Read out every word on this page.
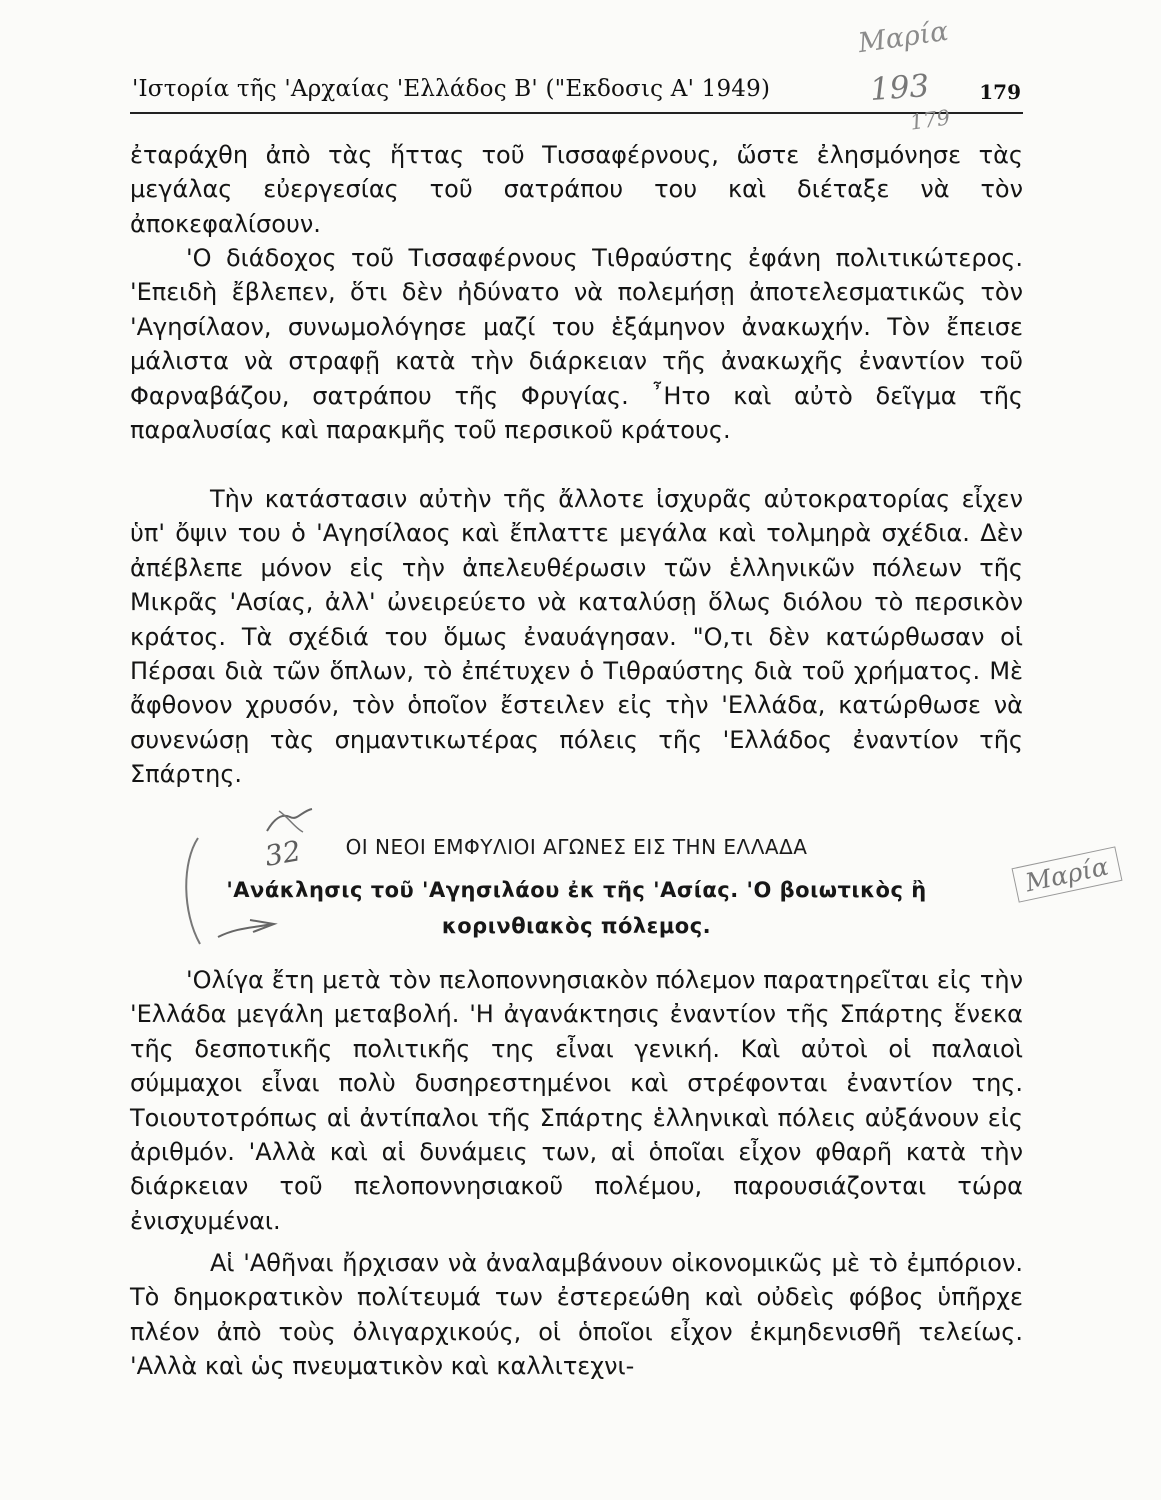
'Ιστορία τῆς 'Αρχαίας 'Ελλάδος Β' ("Εκδοσις Α' 1949)	179
Μαρία
193
179
32	Μαρία

ἐταράχθη ἀπὸ τὰς ἥττας τοῦ Τισσαφέρνους, ὥστε ἐλησμόνησε τὰς μεγάλας εὐεργεσίας τοῦ σατράπου του καὶ διέταξε νὰ τὸν ἀποκεφαλίσουν.

'Ο διάδοχος τοῦ Τισσαφέρνους Τιθραύστης ἐφάνη πολιτικώτερος. 'Επειδὴ ἔβλεπεν, ὅτι δὲν ἠδύνατο νὰ πολεμήσῃ ἀποτελεσματικῶς τὸν 'Αγησίλαον, συνωμολόγησε μαζί του ἑξάμηνον ἀνακωχήν. Τὸν ἔπεισε μάλιστα νὰ στραφῇ κατὰ τὴν διάρκειαν τῆς ἀνακωχῆς ἐναντίον τοῦ Φαρναβάζου, σατράπου τῆς Φρυγίας. ῏Ητο καὶ αὐτὸ δεῖγμα τῆς παραλυσίας καὶ παρακμῆς τοῦ περσικοῦ κράτους.

Τὴν κατάστασιν αὐτὴν τῆς ἄλλοτε ἰσχυρᾶς αὐτοκρατορίας εἶχεν ὑπ' ὄψιν του ὁ 'Αγησίλαος καὶ ἔπλαττε μεγάλα καὶ τολμηρὰ σχέδια. Δὲν ἀπέβλεπε μόνον εἰς τὴν ἀπελευθέρωσιν τῶν ἑλληνικῶν πόλεων τῆς Μικρᾶς 'Ασίας, ἀλλ' ὠνειρεύετο νὰ καταλύσῃ ὅλως διόλου τὸ περσικὸν κράτος. Τὰ σχέδιά του ὅμως ἐναυάγησαν. "Ο,τι δὲν κατώρθωσαν οἱ Πέρσαι διὰ τῶν ὅπλων, τὸ ἐπέτυχεν ὁ Τιθραύστης διὰ τοῦ χρήματος. Μὲ ἄφθονον χρυσόν, τὸν ὁποῖον ἔστειλεν εἰς τὴν 'Ελλάδα, κατώρθωσε νὰ συνενώσῃ τὰς σημαντικωτέρας πόλεις τῆς 'Ελλάδος ἐναντίον τῆς Σπάρτης.

ΟΙ ΝΕΟΙ ΕΜΦΥΛΙΟΙ ΑΓΩΝΕΣ ΕΙΣ ΤΗΝ ΕΛΛΑΔΑ
'Ανάκλησις τοῦ 'Αγησιλάου ἐκ τῆς 'Ασίας. 'Ο βοιωτικὸς ἢ
κορινθιακὸς πόλεμος.

'Ολίγα ἔτη μετὰ τὸν πελοποννησιακὸν πόλεμον παρατηρεῖται εἰς τὴν 'Ελλάδα μεγάλη μεταβολή. 'Η ἀγανάκτησις ἐναντίον τῆς Σπάρτης ἕνεκα τῆς δεσποτικῆς πολιτικῆς της εἶναι γενική. Καὶ αὐτοὶ οἱ παλαιοὶ σύμμαχοι εἶναι πολὺ δυσηρεστημένοι καὶ στρέφονται ἐναντίον της. Τοιουτοτρόπως αἱ ἀντίπαλοι τῆς Σπάρτης ἑλληνικαὶ πόλεις αὐξάνουν εἰς ἀριθμόν. 'Αλλὰ καὶ αἱ δυνάμεις των, αἱ ὁποῖαι εἶχον φθαρῆ κατὰ τὴν διάρκειαν τοῦ πελοποννησιακοῦ πολέμου, παρουσιάζονται τώρα ἐνισχυμέναι.

Αἱ 'Αθῆναι ἤρχισαν νὰ ἀναλαμβάνουν οἰκονομικῶς μὲ τὸ ἐμπόριον. Τὸ δημοκρατικὸν πολίτευμά των ἐστερεώθη καὶ οὐδεὶς φόβος ὑπῆρχε πλέον ἀπὸ τοὺς ὀλιγαρχικούς, οἱ ὁποῖοι εἶχον ἐκμηδενισθῆ τελείως. 'Αλλὰ καὶ ὡς πνευματικὸν καὶ καλλιτεχνι-
